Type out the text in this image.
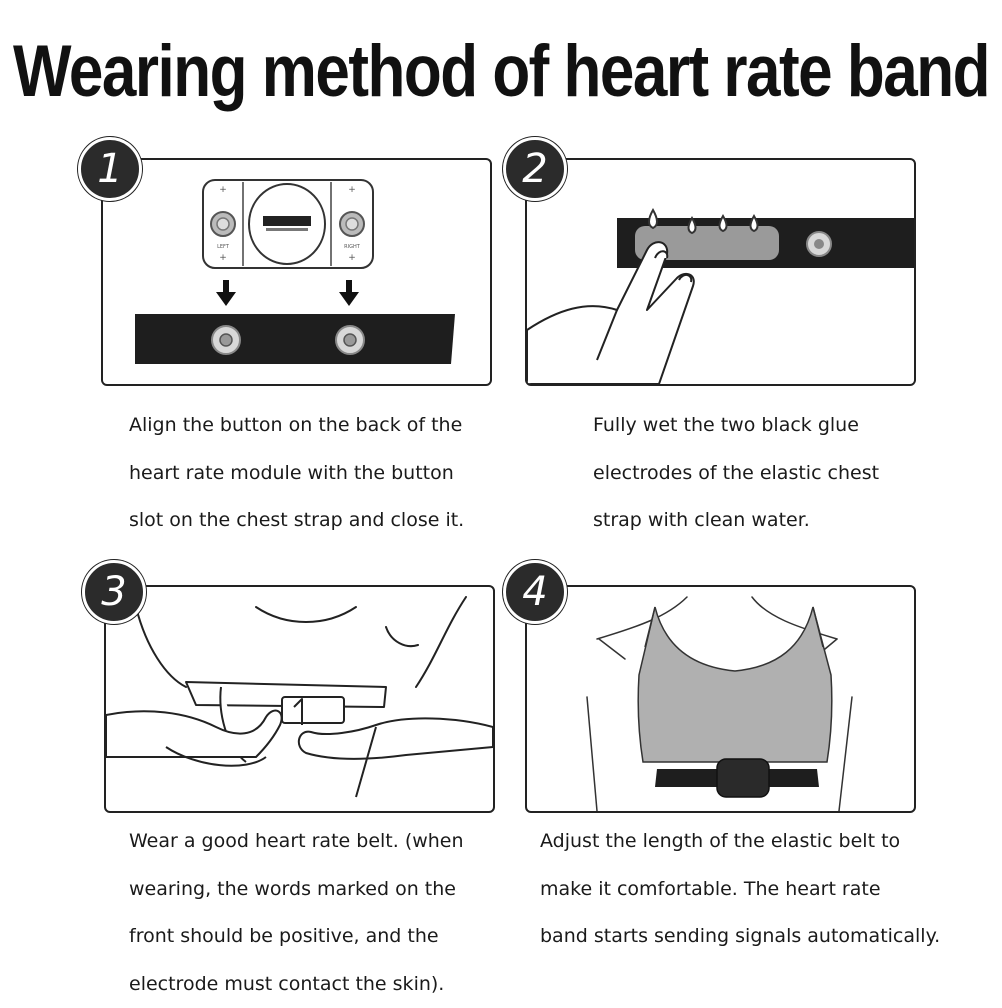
Wearing method of heart rate band
+	+
+	+
LEFT	RIGHT
1
Align the button on the back of the
heart rate module with the button
slot on the chest strap and close it.
2
Fully wet the two black glue
electrodes of the elastic chest
strap with clean water.
3
Wear a good heart rate belt. (when
wearing, the words marked on the
front should be positive, and the
electrode must contact the skin).
4
Adjust the length of the elastic belt to
make it comfortable. The heart rate
band starts sending signals automatically.
